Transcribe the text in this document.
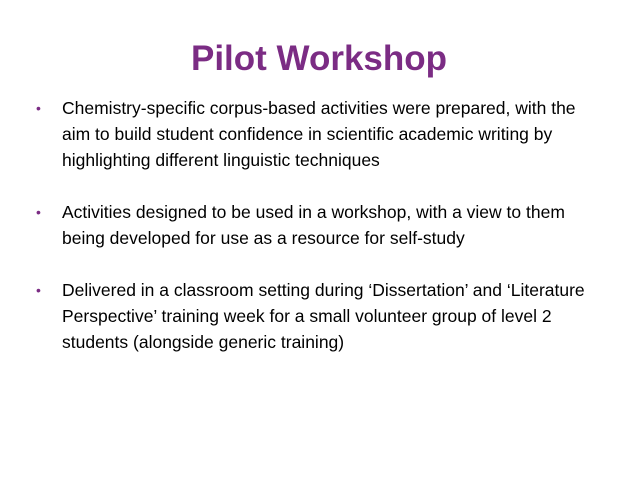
Pilot Workshop
•	Chemistry-specific corpus-based activities were prepared, with the aim to build student confidence in scientific academic writing by highlighting different linguistic techniques
•	Activities designed to be used in a workshop, with a view to them being developed for use as a resource for self-study
•	Delivered in a classroom setting during ‘Dissertation’ and ‘Literature Perspective’ training week for a small volunteer group of level 2 students (alongside generic training)
